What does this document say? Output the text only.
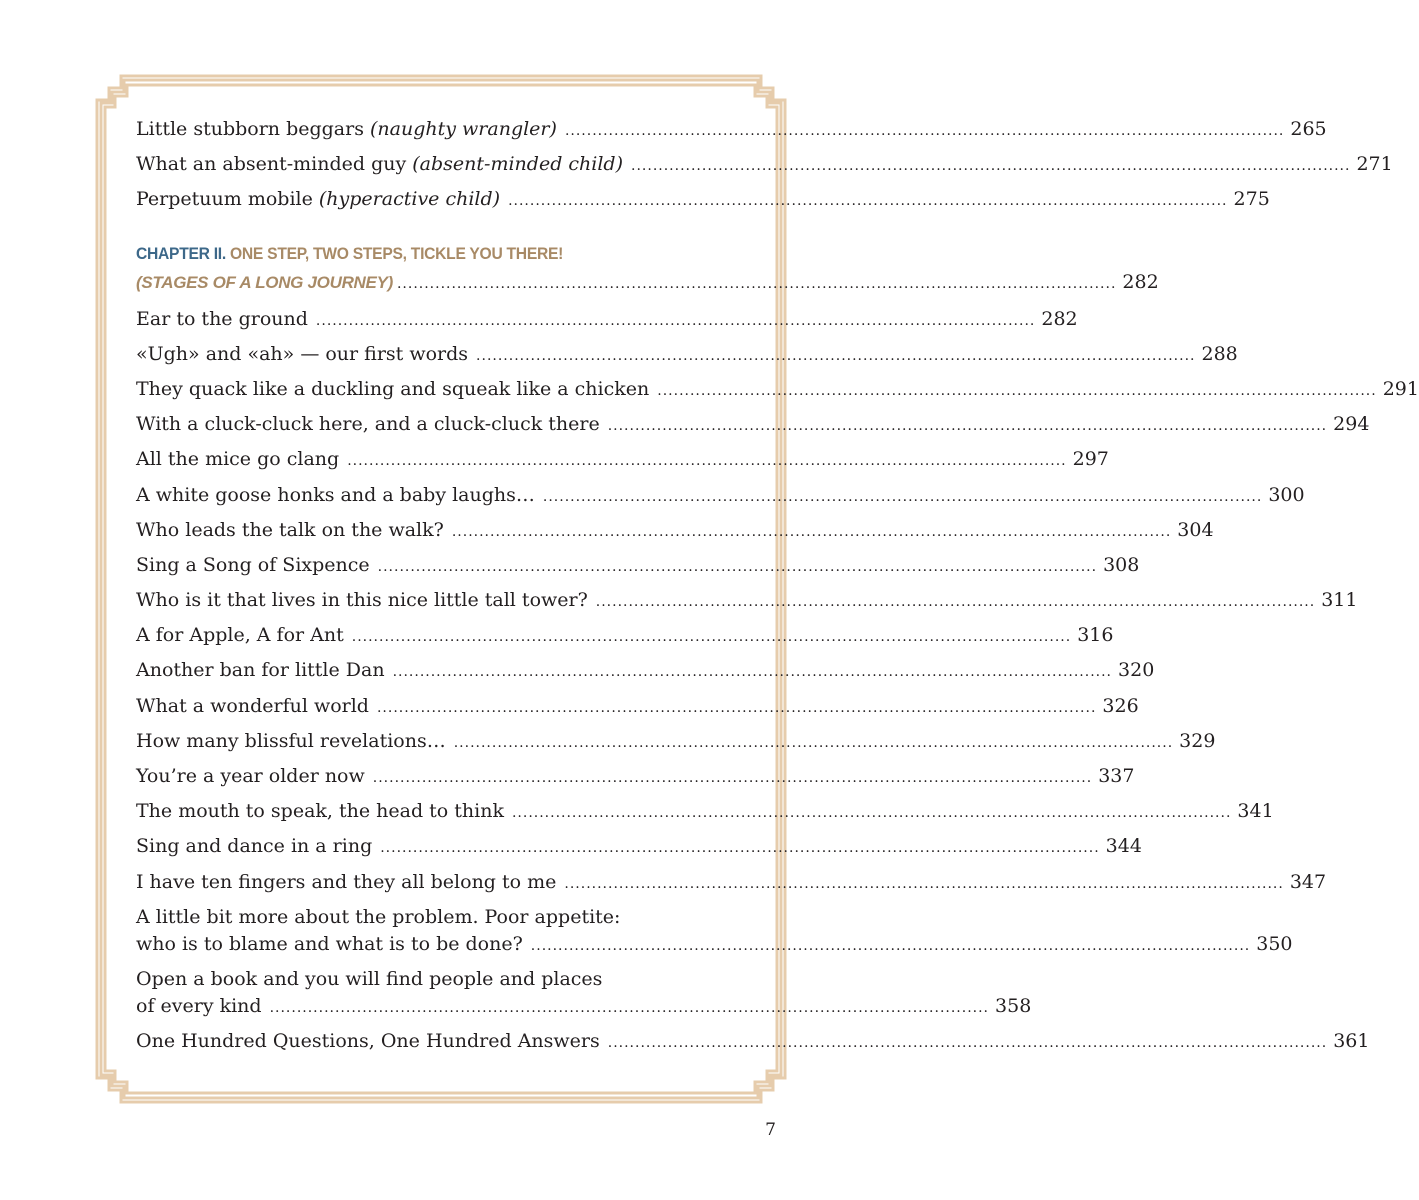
Little stubborn beggars (naughty wrangler) .................................................................................................................................... 265
What an absent-minded guy (absent-minded child) .................................................................................................................................... 271
Perpetuum mobile (hyperactive child) .................................................................................................................................... 275
CHAPTER II. ONE STEP, TWO STEPS, TICKLE YOU THERE!
(STAGES OF A LONG JOURNEY) .................................................................................................................................... 282
Ear to the ground .................................................................................................................................... 282
«Ugh» and «ah» — our first words .................................................................................................................................... 288
They quack like a duckling and squeak like a chicken .................................................................................................................................... 291
With a cluck-cluck here, and a cluck-cluck there .................................................................................................................................... 294
All the mice go clang .................................................................................................................................... 297
A white goose honks and a baby laughs… .................................................................................................................................... 300
Who leads the talk on the walk? .................................................................................................................................... 304
Sing a Song of Sixpence .................................................................................................................................... 308
Who is it that lives in this nice little tall tower? .................................................................................................................................... 311
A for Apple, A for Ant .................................................................................................................................... 316
Another ban for little Dan .................................................................................................................................... 320
What a wonderful world .................................................................................................................................... 326
How many blissful revelations… .................................................................................................................................... 329
You’re a year older now .................................................................................................................................... 337
The mouth to speak, the head to think .................................................................................................................................... 341
Sing and dance in a ring .................................................................................................................................... 344
I have ten fingers and they all belong to me .................................................................................................................................... 347
A little bit more about the problem. Poor appetite:
who is to blame and what is to be done? .................................................................................................................................... 350
Open a book and you will find people and places
of every kind .................................................................................................................................... 358
One Hundred Questions, One Hundred Answers .................................................................................................................................... 361
7
